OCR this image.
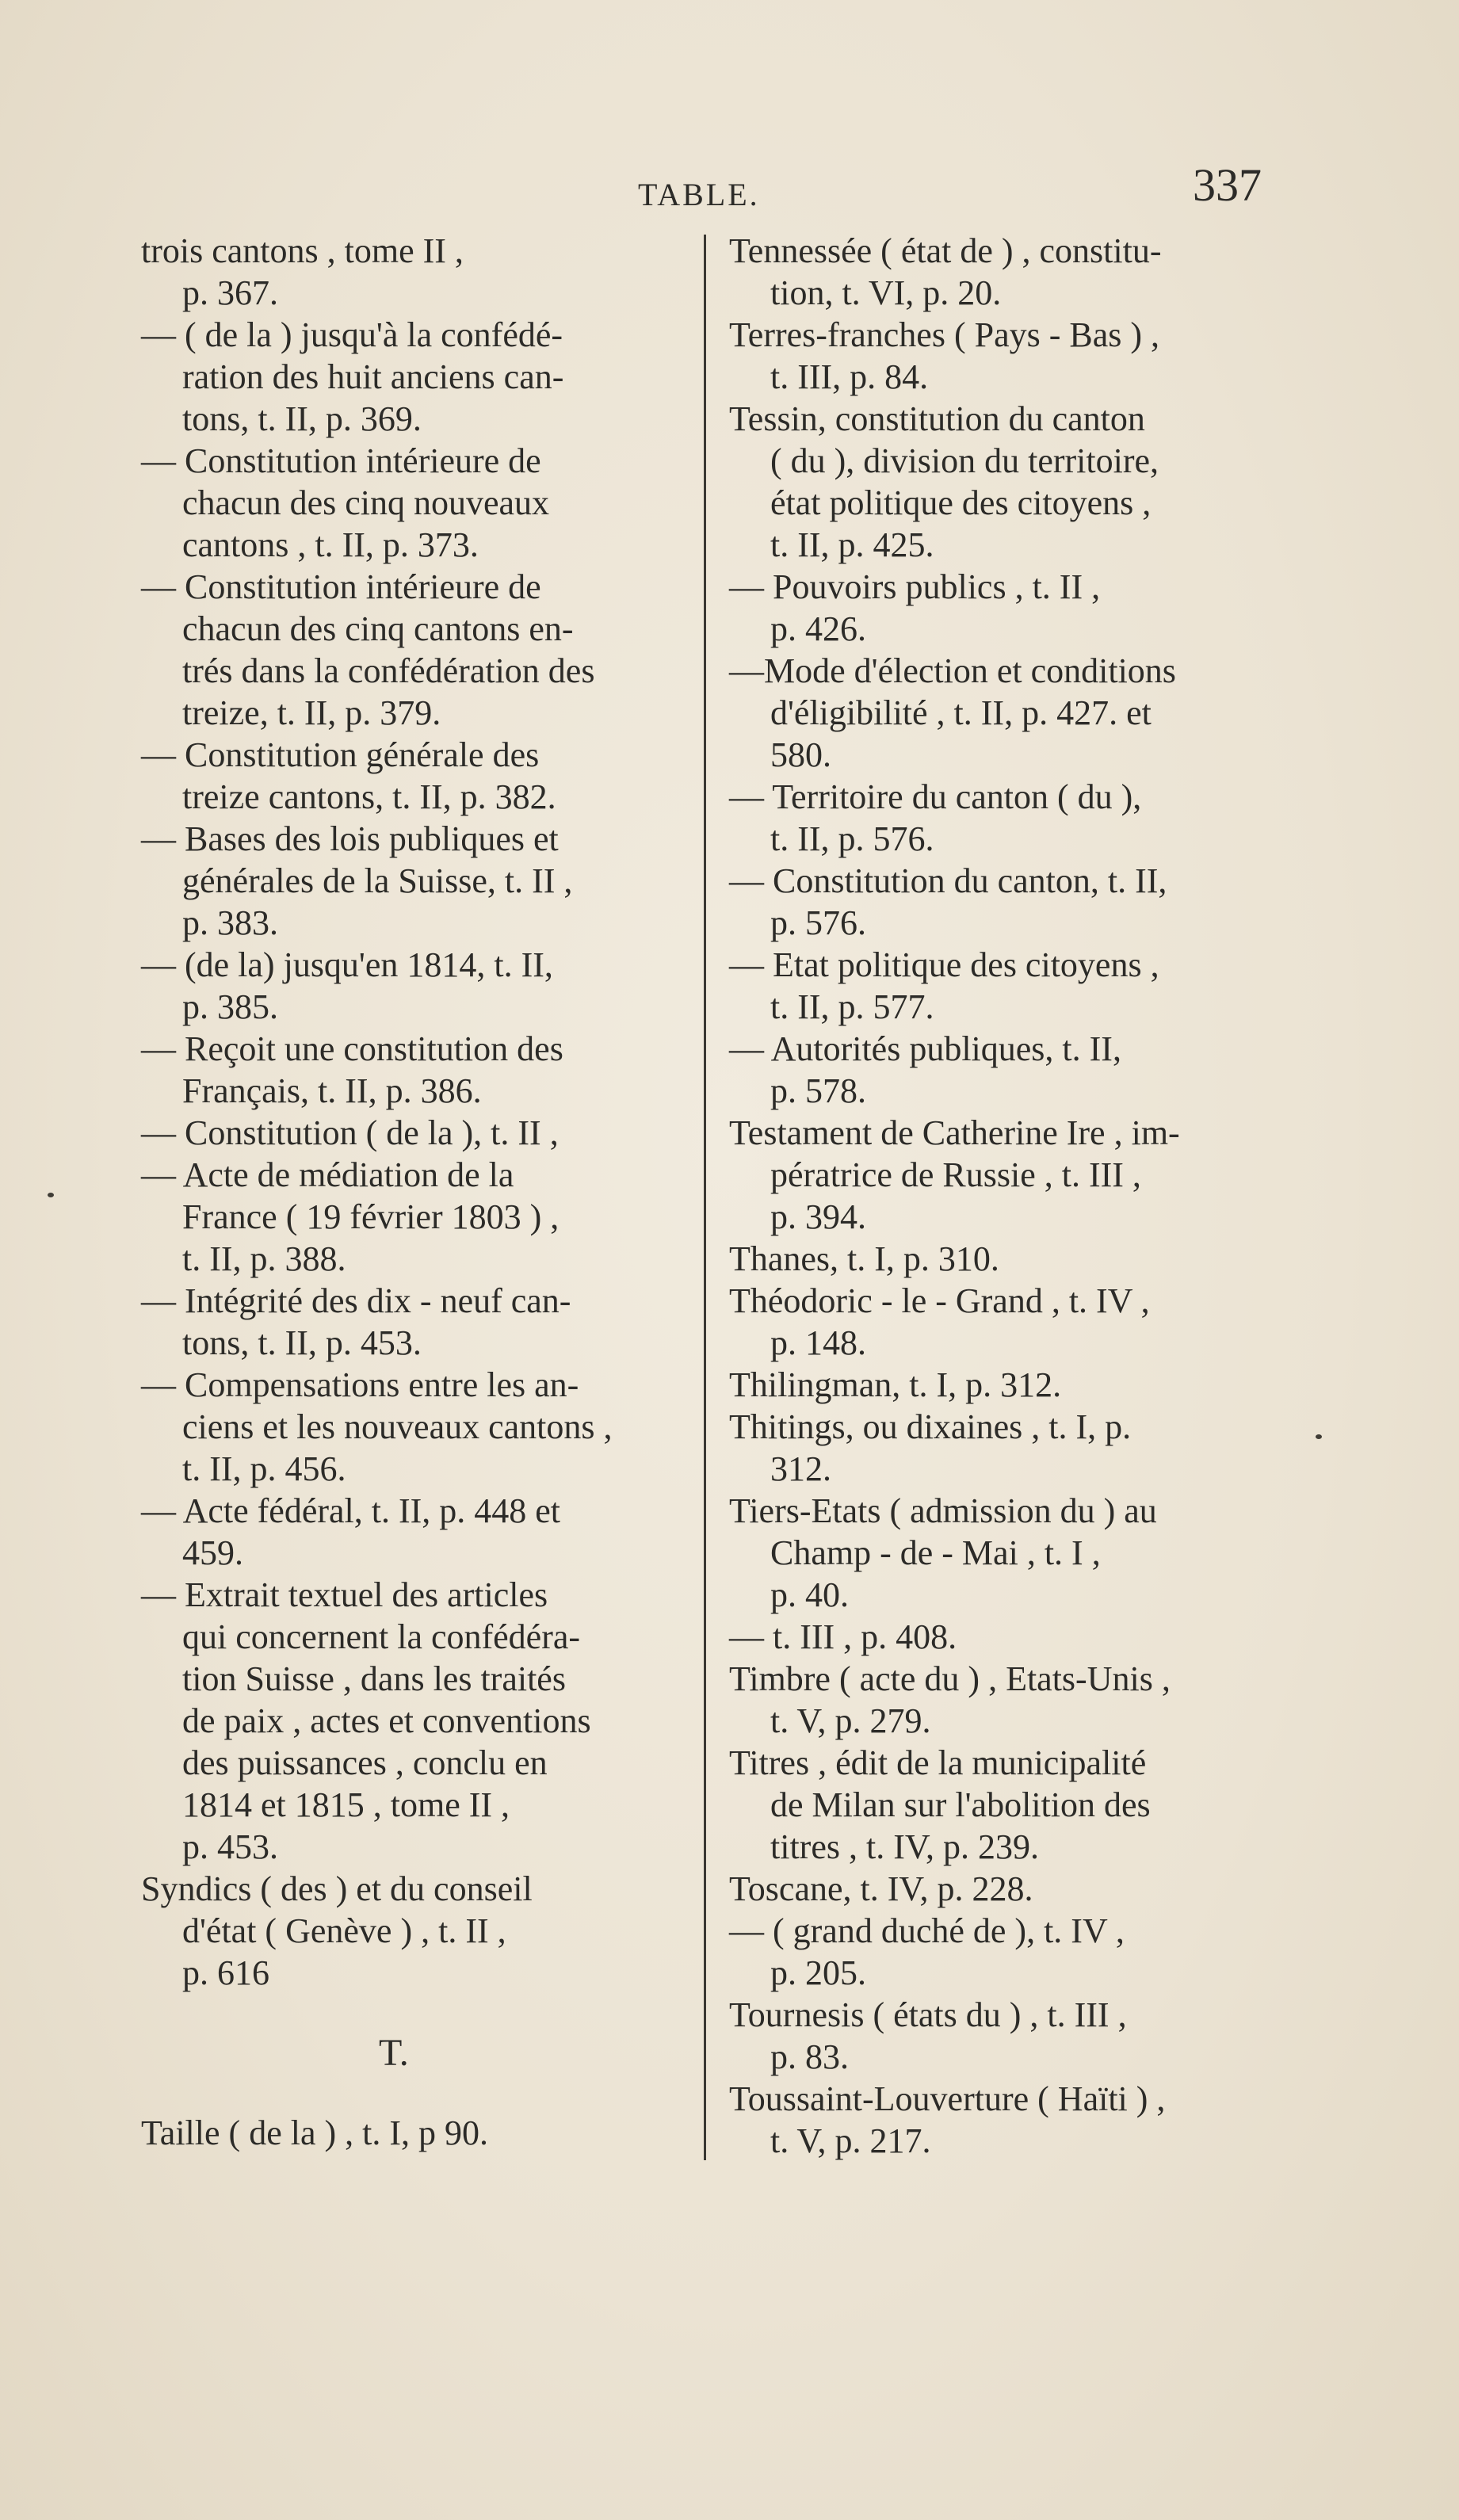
TABLE.	337
trois cantons , tome II ,
p. 367.
— ( de la ) jusqu'à la confédé-
ration des huit anciens can-
tons, t. II, p. 369.
— Constitution intérieure de
chacun des cinq nouveaux
cantons , t. II, p. 373.
— Constitution intérieure de
chacun des cinq cantons en-
trés dans la confédération des
treize, t. II, p. 379.
— Constitution générale des
treize cantons, t. II, p. 382.
— Bases des lois publiques et
générales de la Suisse, t. II ,
p. 383.
— (de la) jusqu'en 1814, t. II,
p. 385.
— Reçoit une constitution des
Français, t. II, p. 386.
— Constitution ( de la ), t. II ,
— Acte de médiation de la
France ( 19 février 1803 ) ,
t. II, p. 388.
— Intégrité des dix - neuf can-
tons, t. II, p. 453.
— Compensations entre les an-
ciens et les nouveaux cantons ,
t. II, p. 456.
— Acte fédéral, t. II, p. 448 et
459.
— Extrait textuel des articles
qui concernent la confédéra-
tion Suisse , dans les traités
de paix , actes et conventions
des puissances , conclu en
1814 et 1815 , tome II ,
p. 453.
Syndics ( des ) et du conseil
d'état ( Genève ) , t. II ,
p. 616
T.
Taille ( de la ) , t. I, p 90.
Tennessée ( état de ) , constitu-
tion, t. VI, p. 20.
Terres-franches ( Pays - Bas ) ,
t. III, p. 84.
Tessin, constitution du canton
( du ), division du territoire,
état politique des citoyens ,
t. II, p. 425.
— Pouvoirs publics , t. II ,
p. 426.
—Mode d'élection et conditions
d'éligibilité , t. II, p. 427. et
580.
— Territoire du canton ( du ),
t. II, p. 576.
— Constitution du canton, t. II,
p. 576.
— Etat politique des citoyens ,
t. II, p. 577.
— Autorités publiques, t. II,
p. 578.
Testament de Catherine Ire , im-
pératrice de Russie , t. III ,
p. 394.
Thanes, t. I, p. 310.
Théodoric - le - Grand , t. IV ,
p. 148.
Thilingman, t. I, p. 312.
Thitings, ou dixaines , t. I, p.
312.
Tiers-Etats ( admission du ) au
Champ - de - Mai , t. I ,
p. 40.
— t. III , p. 408.
Timbre ( acte du ) , Etats-Unis ,
t. V, p. 279.
Titres , édit de la municipalité
de Milan sur l'abolition des
titres , t. IV, p. 239.
Toscane, t. IV, p. 228.
— ( grand duché de ), t. IV ,
p. 205.
Tournesis ( états du ) , t. III ,
p. 83.
Toussaint-Louverture ( Haïti ) ,
t. V, p. 217.
